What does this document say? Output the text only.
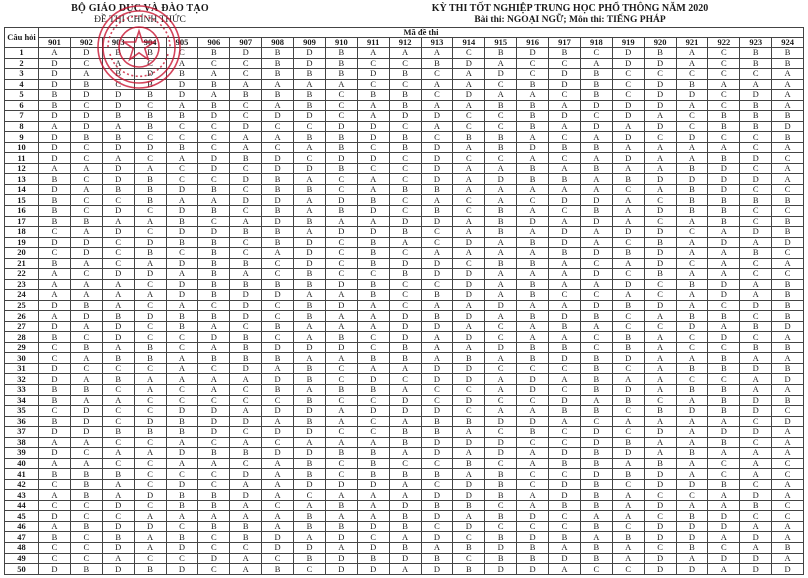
BỘ GIÁO DỤC VÀ ĐÀO TẠO
ĐỀ THI CHÍNH THỨC
KỲ THI TỐT NGHIỆP TRUNG HỌC PHỔ THÔNG NĂM 2020
Bài thi: NGOẠI NGỮ; Môn thi: TIẾNG PHÁP
Câu hỏi	Mã đề thi																							
	901	902	903	904	905	906	907	908	909	910	911	912	913	914	915	916	917	918	919	920	921	922	923	924
1	A	D	B	B	C	B	D	B	D	B	A	A	A	C	B	D	B	C	D	B	A	C	B	B
2	D	C	A	C	A	C	C	B	D	B	C	C	B	D	A	C	C	A	D	D	A	C	B	B
3	D	A	B	D	B	A	C	B	B	B	D	B	C	A	D	C	D	B	C	C	C	C	C	A
4	D	B	C	B	D	B	A	A	A	A	C	C	A	A	C	B	D	B	C	D	B	A	A	A
5	B	D	D	B	D	A	B	B	B	C	B	B	C	D	A	A	C	B	C	D	D	C	D	A
6	B	C	D	C	A	B	C	A	B	C	A	B	A	A	B	B	A	D	D	D	A	C	B	A
7	D	D	B	B	B	D	C	D	D	C	A	D	D	C	C	B	D	C	D	A	C	B	B	B
8	A	D	A	B	C	C	D	C	C	D	D	C	A	C	C	B	A	D	A	D	C	B	B	D
9	D	B	B	C	C	C	A	A	B	B	D	B	C	B	B	A	C	A	D	C	D	C	C	B
10	D	C	D	D	B	C	A	C	A	B	C	B	D	A	B	D	B	B	A	A	A	A	C	A
11	D	C	A	C	A	D	B	D	C	D	D	C	D	C	C	A	C	A	D	A	A	B	D	C
12	A	A	D	A	C	D	C	D	D	B	C	C	D	A	A	B	A	B	A	A	B	D	C	A
13	B	C	D	B	C	C	D	B	A	C	A	C	D	A	D	B	B	A	B	D	D	D	D	A
14	D	A	B	B	D	B	C	B	B	C	A	B	B	A	A	A	A	A	C	A	B	D	C	C
15	B	C	C	B	A	A	D	D	A	D	B	C	A	C	A	C	D	D	A	C	B	B	B	B
16	B	C	D	C	D	B	C	B	A	B	D	C	B	C	B	A	C	B	A	D	B	B	C	C
17	B	B	A	A	B	C	A	D	B	A	A	D	D	A	B	D	A	D	A	C	A	B	C	B
18	C	A	D	C	D	D	B	B	A	D	D	B	C	A	B	A	D	A	D	D	C	A	D	B
19	D	D	C	D	B	B	C	B	D	C	B	A	C	D	A	B	D	A	C	B	A	D	A	D
20	C	D	C	B	C	B	C	A	D	C	B	C	A	A	A	A	B	D	B	D	A	A	B	C
21	B	A	C	A	D	B	B	C	D	C	B	D	D	C	B	B	A	C	A	D	C	A	C	A
22	A	C	D	D	A	B	A	C	B	C	C	B	D	D	A	A	A	D	C	B	A	A	C	C
23	A	A	A	C	D	B	B	B	B	D	B	C	C	D	A	B	A	A	D	C	B	D	A	B
24	A	A	A	A	D	B	D	D	A	A	B	C	B	D	A	B	C	C	A	C	A	D	A	B
25	D	B	A	C	A	C	D	C	B	D	A	C	A	A	D	A	A	D	B	D	A	C	D	B
26	A	D	B	D	B	B	D	C	B	A	A	D	B	D	A	B	D	B	C	A	B	B	C	B
27	D	A	D	C	B	A	C	B	A	A	A	D	D	A	C	A	B	A	C	C	D	A	B	D
28	B	C	D	C	C	D	B	C	A	B	C	D	A	D	C	A	A	C	B	A	C	D	C	A
29	C	B	A	B	C	A	B	D	D	D	C	B	A	A	D	B	B	C	B	A	C	C	B	B
30	C	A	B	B	A	B	B	B	A	A	B	B	A	B	A	B	D	B	D	A	A	B	A	A
31	D	C	C	C	A	C	D	A	B	C	A	A	D	D	C	C	C	B	C	A	B	B	D	B
32	D	A	B	A	A	A	A	D	B	C	D	C	D	D	A	D	A	B	A	A	C	C	A	D
33	B	B	C	A	C	A	C	B	A	B	B	A	C	C	A	D	C	B	D	A	B	B	A	A
34	B	A	A	C	C	C	C	C	B	C	C	D	C	D	C	C	D	A	B	C	A	B	D	B
35	C	D	C	C	D	D	A	D	D	A	D	D	D	C	A	A	B	B	C	B	D	B	D	C
36	B	D	C	D	B	D	D	A	B	A	C	A	B	B	D	D	A	C	A	A	A	A	C	D
37	D	D	B	B	B	D	C	D	D	C	C	B	B	A	C	B	C	D	C	D	A	D	D	A
38	A	A	C	C	A	C	A	C	A	A	A	B	D	D	D	C	C	D	B	A	A	B	C	A
39	D	C	A	A	D	B	B	D	D	B	B	A	D	A	D	A	D	B	D	A	B	A	A	A
40	A	A	C	C	A	A	C	A	B	C	B	C	C	B	C	A	B	B	A	B	A	C	A	C
41	B	B	B	C	C	C	D	A	B	C	B	B	B	A	B	C	C	D	B	D	A	C	A	C
42	C	B	A	C	D	C	A	A	D	D	D	A	C	D	B	C	D	B	C	D	D	B	C	A
43	A	B	A	D	B	B	D	A	C	A	A	A	D	D	B	A	D	B	A	C	C	A	D	A
44	C	C	D	C	B	B	A	C	A	B	A	D	B	B	C	A	B	B	A	D	A	A	B	C
45	D	C	C	A	A	A	A	A	B	A	A	B	D	A	B	D	C	A	A	C	B	D	C	C
46	A	B	D	D	C	B	B	A	B	B	D	B	C	D	C	C	C	B	C	D	D	D	A	A
47	B	C	B	A	B	C	B	D	A	D	C	A	D	C	B	D	B	A	B	D	D	A	D	A
48	C	C	D	A	D	C	C	D	D	A	D	B	A	B	D	B	A	B	A	C	B	C	A	B
49	C	C	A	C	C	D	A	C	B	D	B	D	B	C	B	B	D	B	A	D	A	D	D	A
50	D	B	D	B	D	C	A	B	C	D	D	A	D	B	D	D	A	C	C	D	D	A	D	D
